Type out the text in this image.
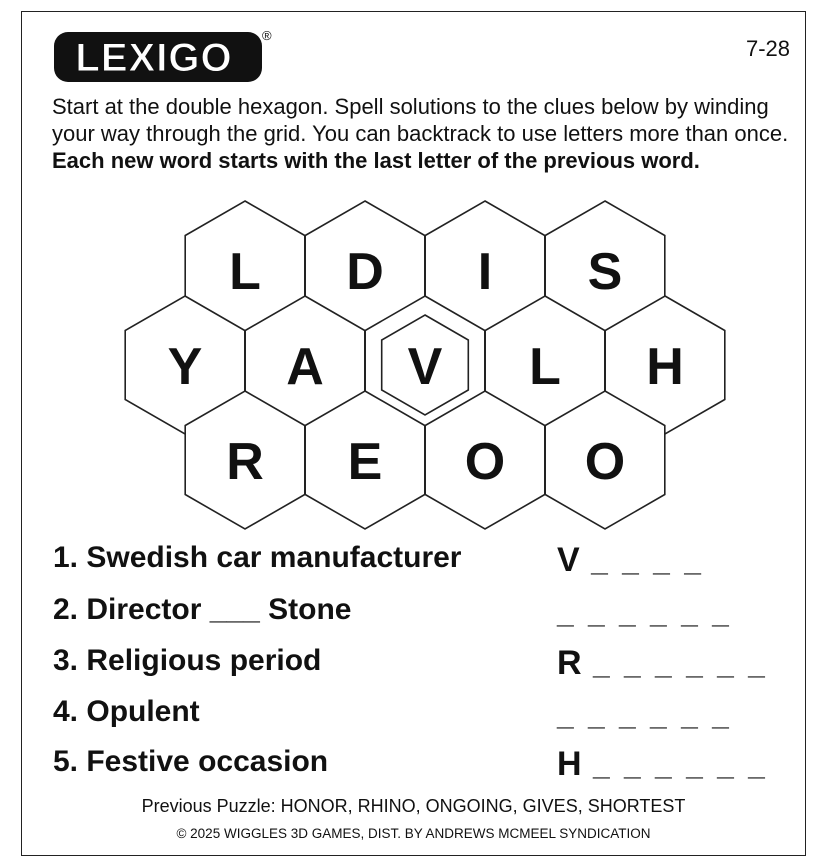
LEXIGO
®
7-28

Start at the double hexagon. Spell solutions to the clues below by winding your way through the grid. You can backtrack to use letters more than once. Each new word starts with the last letter of the previous word.

L D I S
Y A V L H
R E O O
1. Swedish car manufacturer	V _ _ _ _
2. Director ___ Stone	_ _ _ _ _ _
3. Religious period	R _ _ _ _ _ _
4. Opulent	_ _ _ _ _ _
5. Festive occasion	H _ _ _ _ _ _
Previous Puzzle: HONOR, RHINO, ONGOING, GIVES, SHORTEST
© 2025 WIGGLES 3D GAMES, DIST. BY ANDREWS MCMEEL SYNDICATION
